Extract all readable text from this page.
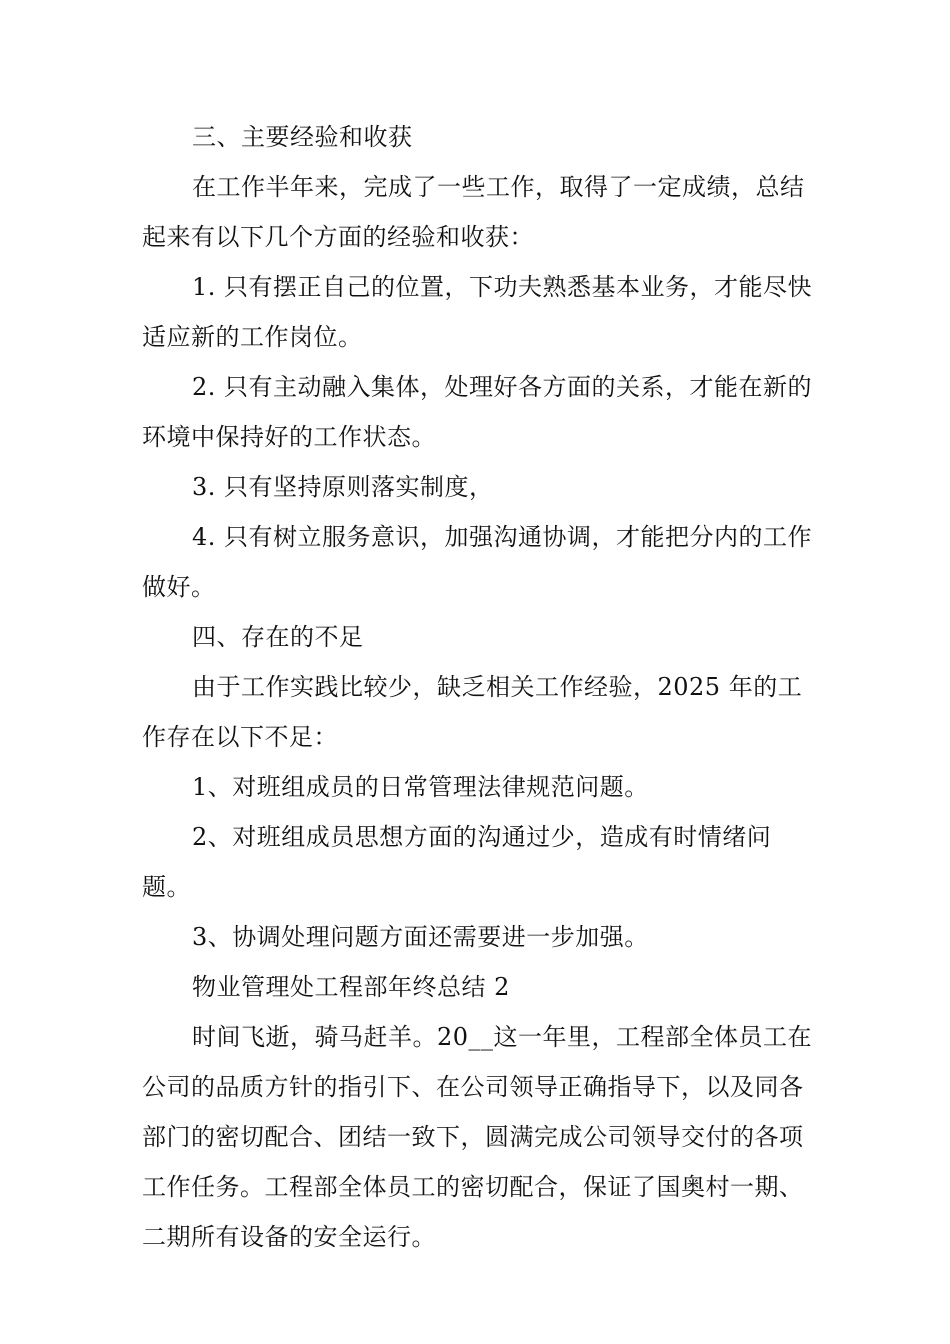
三、主要经验和收获

在工作半年来，完成了一些工作，取得了一定成绩，总结起来有以下几个方面的经验和收获：

1. 只有摆正自己的位置，下功夫熟悉基本业务，才能尽快适应新的工作岗位。

2. 只有主动融入集体，处理好各方面的关系，才能在新的环境中保持好的工作状态。

3. 只有坚持原则落实制度，

4. 只有树立服务意识，加强沟通协调，才能把分内的工作做好。

四、存在的不足

由于工作实践比较少，缺乏相关工作经验，2025 年的工作存在以下不足：

1、对班组成员的日常管理法律规范问题。

2、对班组成员思想方面的沟通过少，造成有时情绪问题。

3、协调处理问题方面还需要进一步加强。

物业管理处工程部年终总结 2

时间飞逝，骑马赶羊。20__这一年里，工程部全体员工在公司的品质方针的指引下、在公司领导正确指导下，以及同各部门的密切配合、团结一致下，圆满完成公司领导交付的各项工作任务。工程部全体员工的密切配合，保证了国奥村一期、二期所有设备的安全运行。
